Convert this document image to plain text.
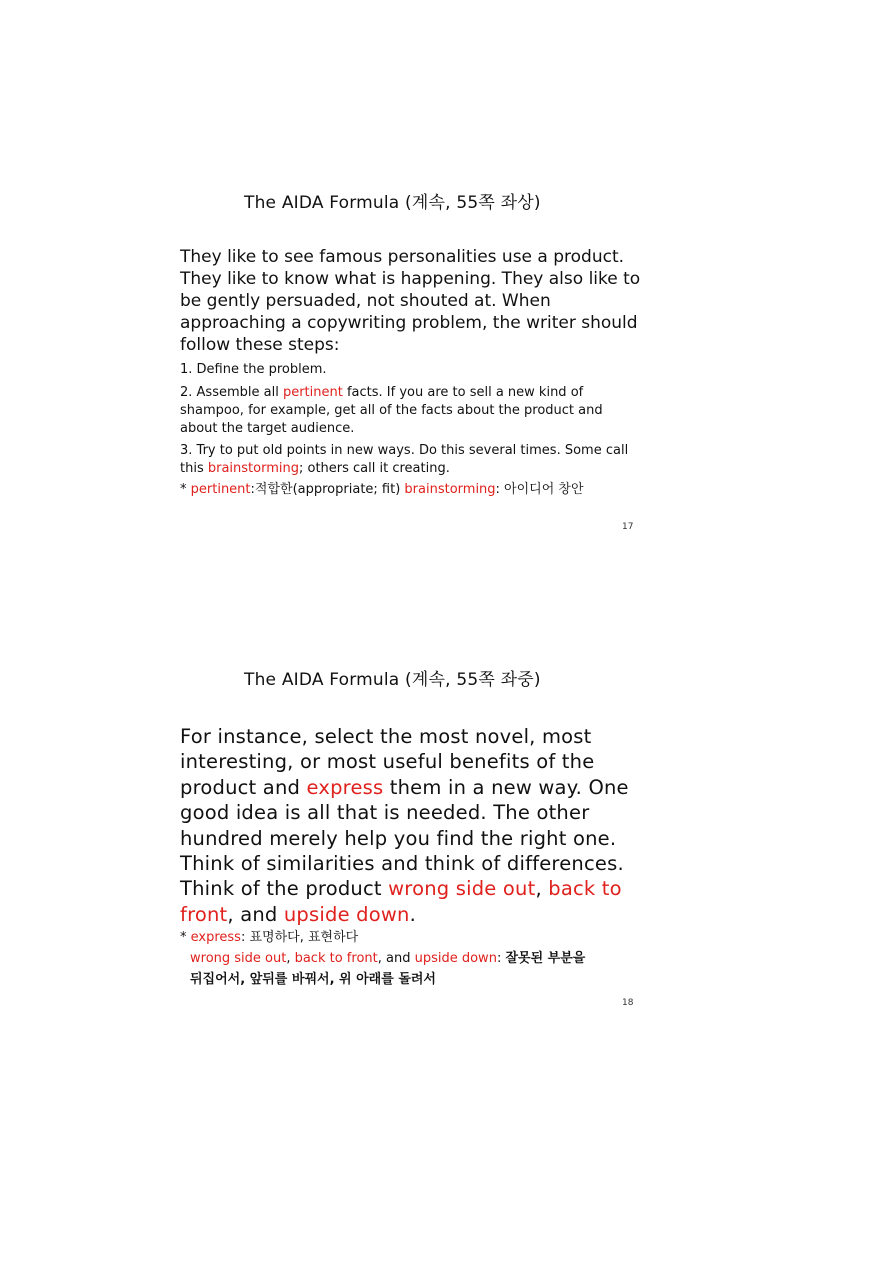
The AIDA Formula (계속, 55쪽 좌상)

They like to see famous personalities use a product. They like to know what is happening. They also like to be gently persuaded, not shouted at. When approaching a copywriting problem, the writer should follow these steps:

1. Define the problem.

2. Assemble all pertinent facts. If you are to sell a new kind of shampoo, for example, get all of the facts about the product and about the target audience.

3. Try to put old points in new ways. Do this several times. Some call this brainstorming; others call it creating.

* pertinent:적합한(appropriate; fit) brainstorming: 아이디어 창안

17
The AIDA Formula (계속, 55쪽 좌중)

For instance, select the most novel, most interesting, or most useful benefits of the product and express them in a new way. One good idea is all that is needed. The other hundred merely help you find the right one. Think of similarities and think of differences. Think of the product wrong side out, back to front, and upside down.

* express: 표명하다, 표현하다
wrong side out, back to front, and upside down: 잘못된 부분을
뒤집어서, 앞뒤를 바꿔서, 위 아래를 돌려서
18
